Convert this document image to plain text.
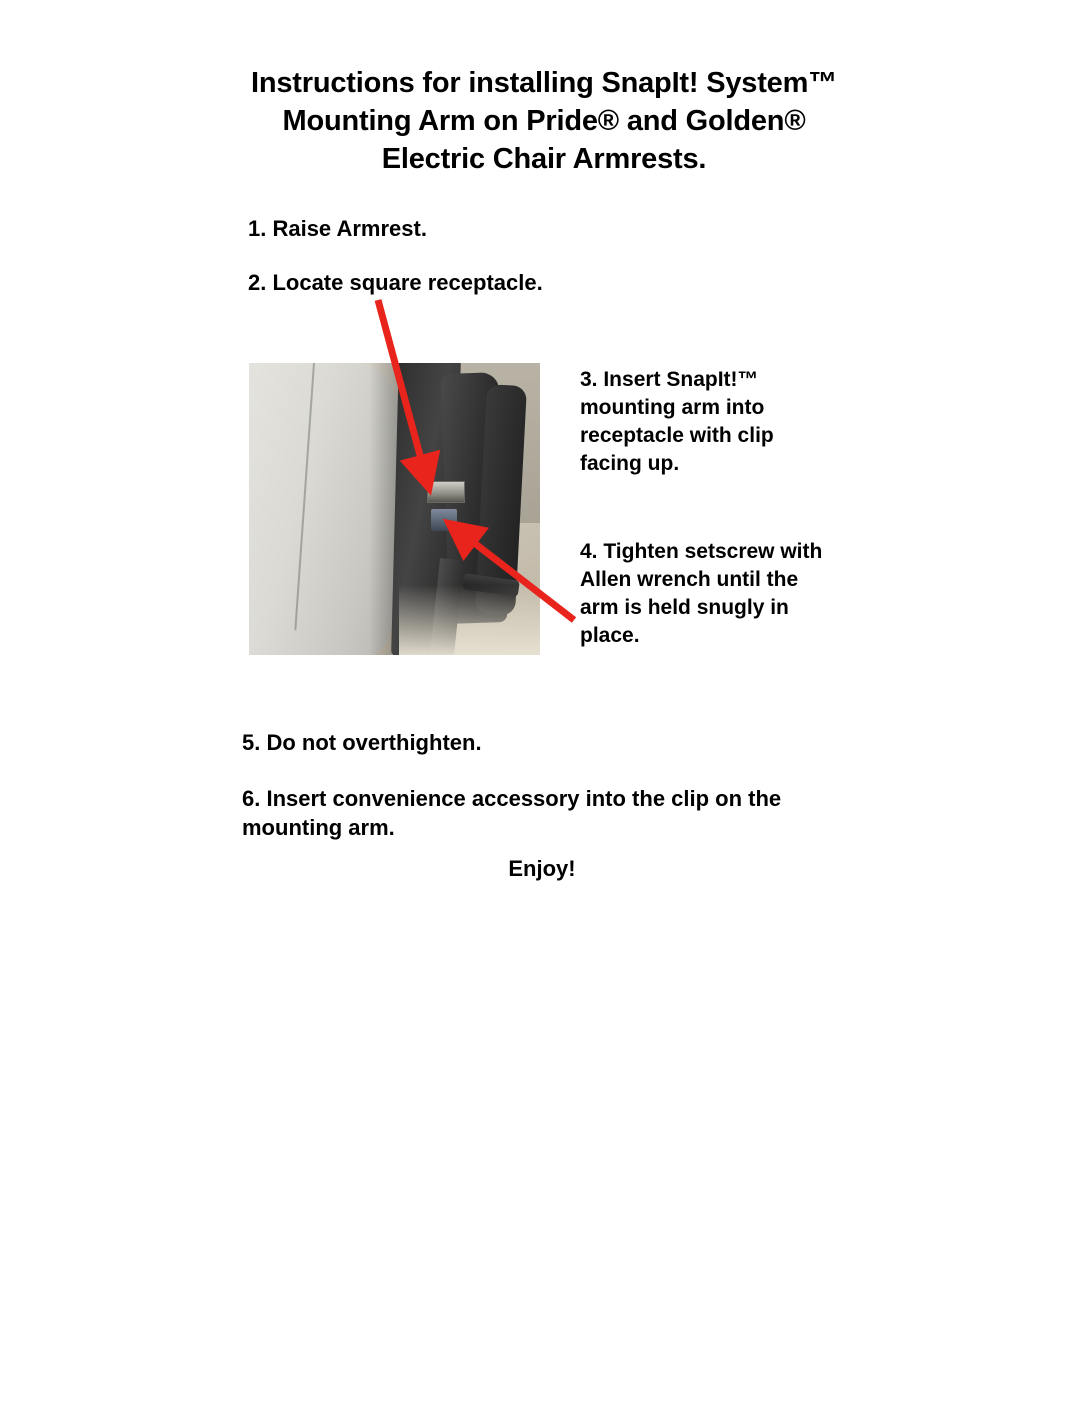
Instructions for installing SnapIt! System™
Mounting Arm on Pride® and Golden®
Electric Chair Armrests.
1. Raise Armrest.
2. Locate square receptacle.
3. Insert SnapIt!™ mounting arm into receptacle with clip facing up.
4. Tighten setscrew with Allen wrench until the arm is held snugly in place.
5. Do not overthighten.
6. Insert convenience accessory into the clip on the mounting arm.
Enjoy!
